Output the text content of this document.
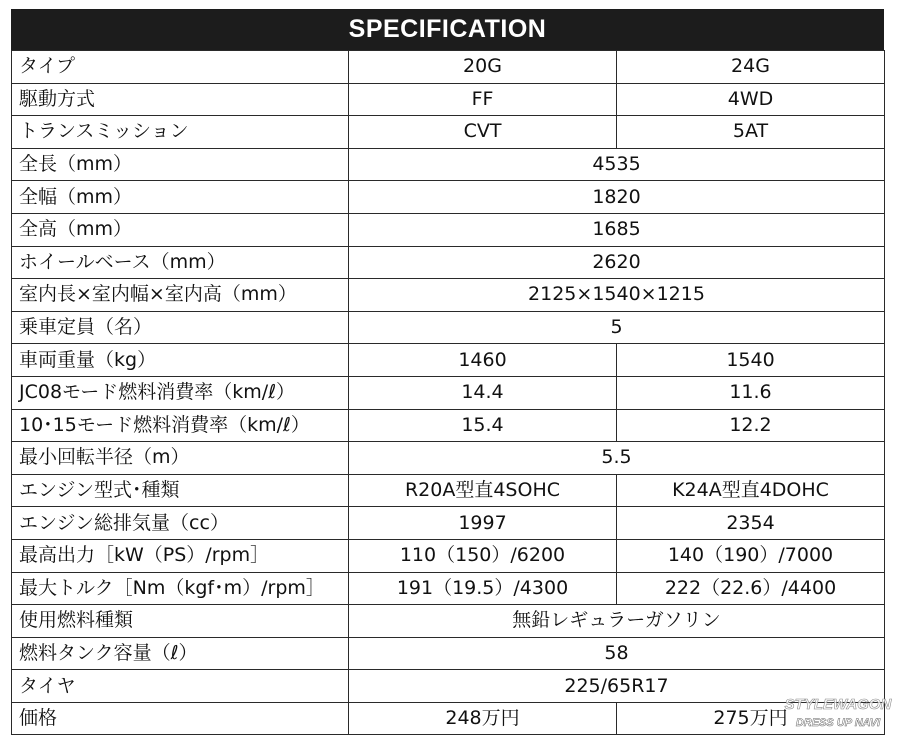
SPECIFICATION
タイプ	20G	24G
駆動方式	FF	4WD
トランスミッション	CVT	5AT
全長（mm）	4535	
全幅（mm）	1820	
全高（mm）	1685	
ホイールベース（mm）	2620	
室内長×室内幅×室内高（mm）	2125×1540×1215	
乗車定員（名）	5	
車両重量（kg）	1460	1540
JC08モード燃料消費率（km/ℓ）	14.4	11.6
10･15モード燃料消費率（km/ℓ）	15.4	12.2
最小回転半径（m）	5.5	
エンジン型式･種類	R20A型直4SOHC	K24A型直4DOHC
エンジン総排気量（cc）	1997	2354
最高出力［kW（PS）/rpm］	110（150）/6200	140（190）/7000
最大トルク［Nm（kgf･m）/rpm］	191（19.5）/4300	222（22.6）/4400
使用燃料種類	無鉛レギュラーガソリン	
燃料タンク容量（ℓ）	58	
タイヤ	225/65R17	
価格	248万円	275万円
STYLEWAGON
DRESS UP NAVI
